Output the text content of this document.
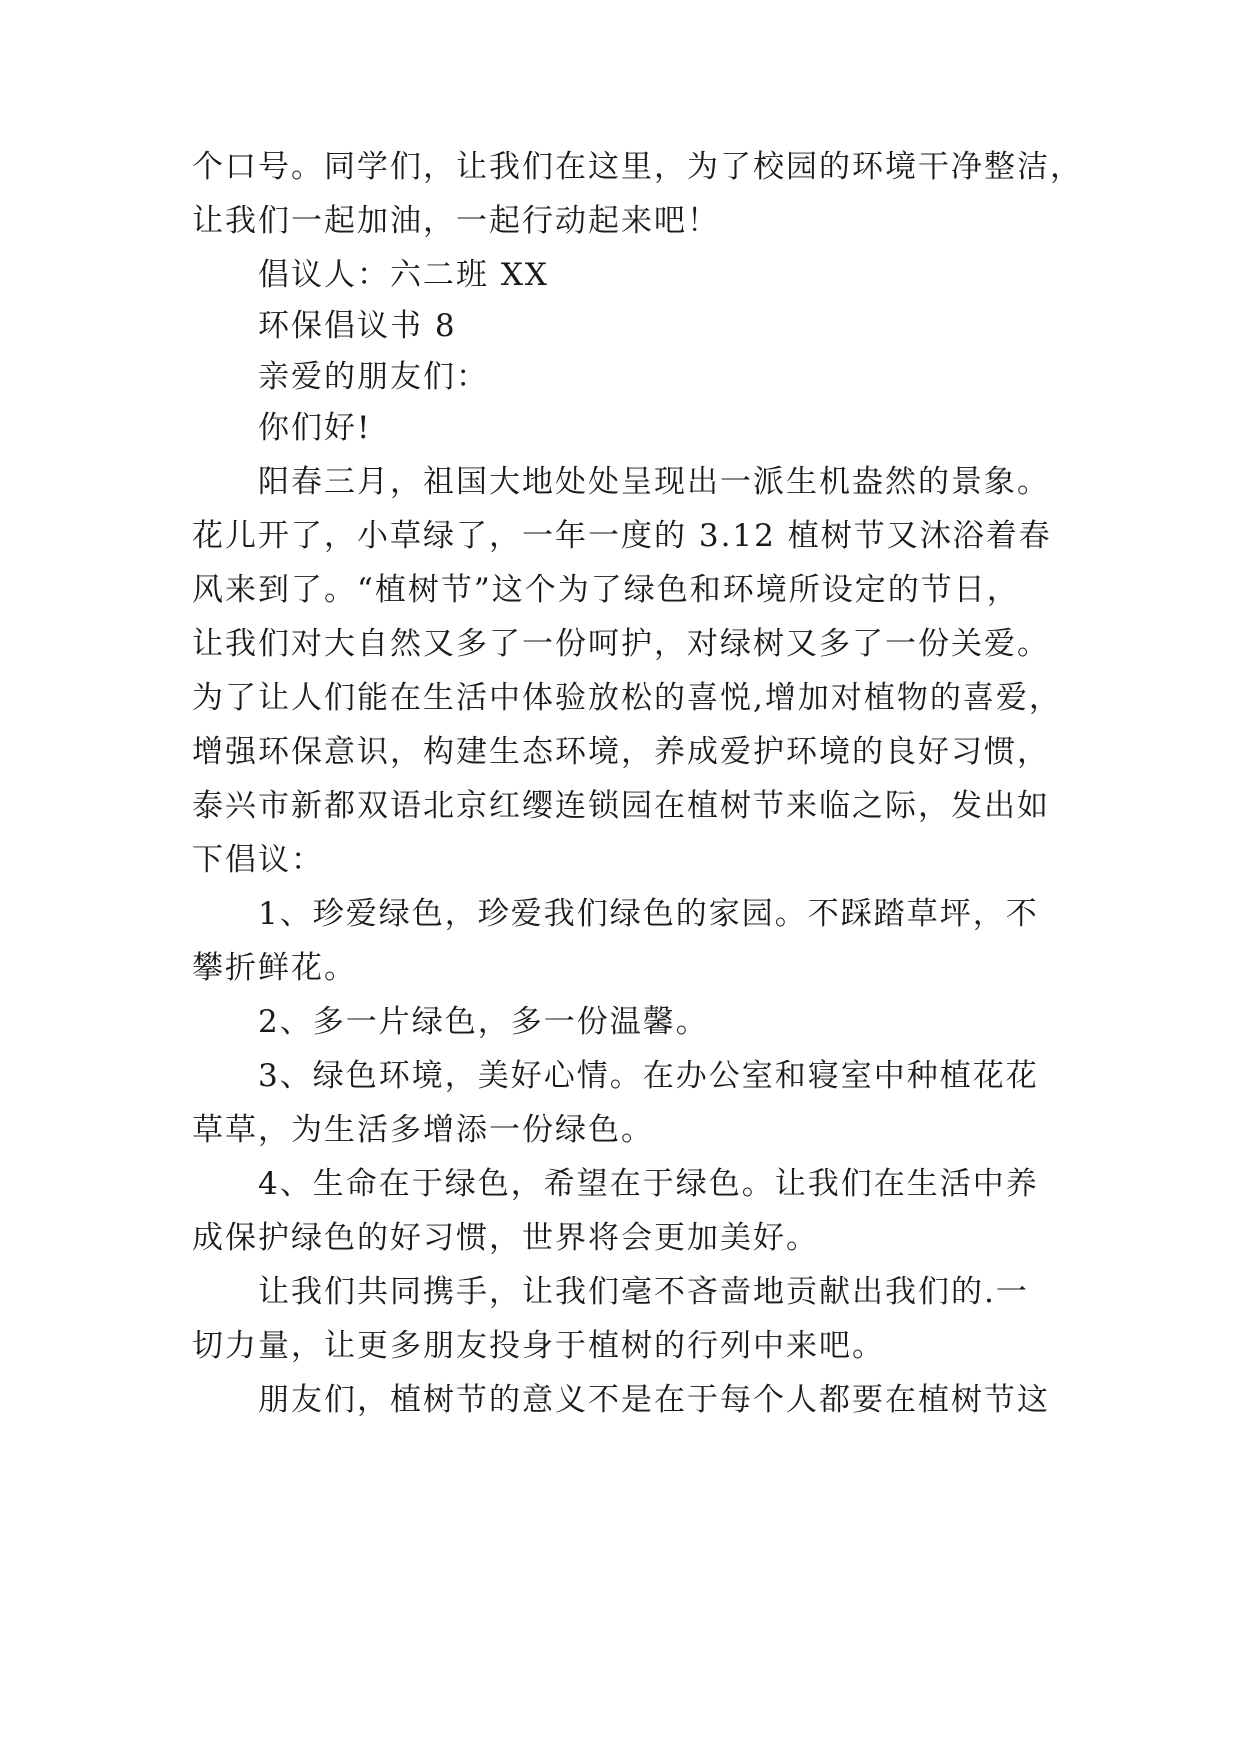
个口号。同学们，让我们在这里，为了校园的环境干净整洁，
让我们一起加油，一起行动起来吧！
倡议人：六二班 XX
环保倡议书 8
亲爱的朋友们：
你们好!
阳春三月，祖国大地处处呈现出一派生机盎然的景象。
花儿开了，小草绿了，一年一度的 3.12 植树节又沐浴着春
风来到了。“植树节”这个为了绿色和环境所设定的节日，
让我们对大自然又多了一份呵护，对绿树又多了一份关爱。
为了让人们能在生活中体验放松的喜悦,增加对植物的喜爱，
增强环保意识，构建生态环境，养成爱护环境的良好习惯，
泰兴市新都双语北京红缨连锁园在植树节来临之际，发出如
下倡议：
1、珍爱绿色，珍爱我们绿色的家园。不踩踏草坪，不
攀折鲜花。
2、多一片绿色，多一份温馨。
3、绿色环境，美好心情。在办公室和寝室中种植花花
草草，为生活多增添一份绿色。
4、生命在于绿色，希望在于绿色。让我们在生活中养
成保护绿色的好习惯，世界将会更加美好。
让我们共同携手，让我们毫不吝啬地贡献出我们的.一
切力量，让更多朋友投身于植树的行列中来吧。
朋友们，植树节的意义不是在于每个人都要在植树节这
